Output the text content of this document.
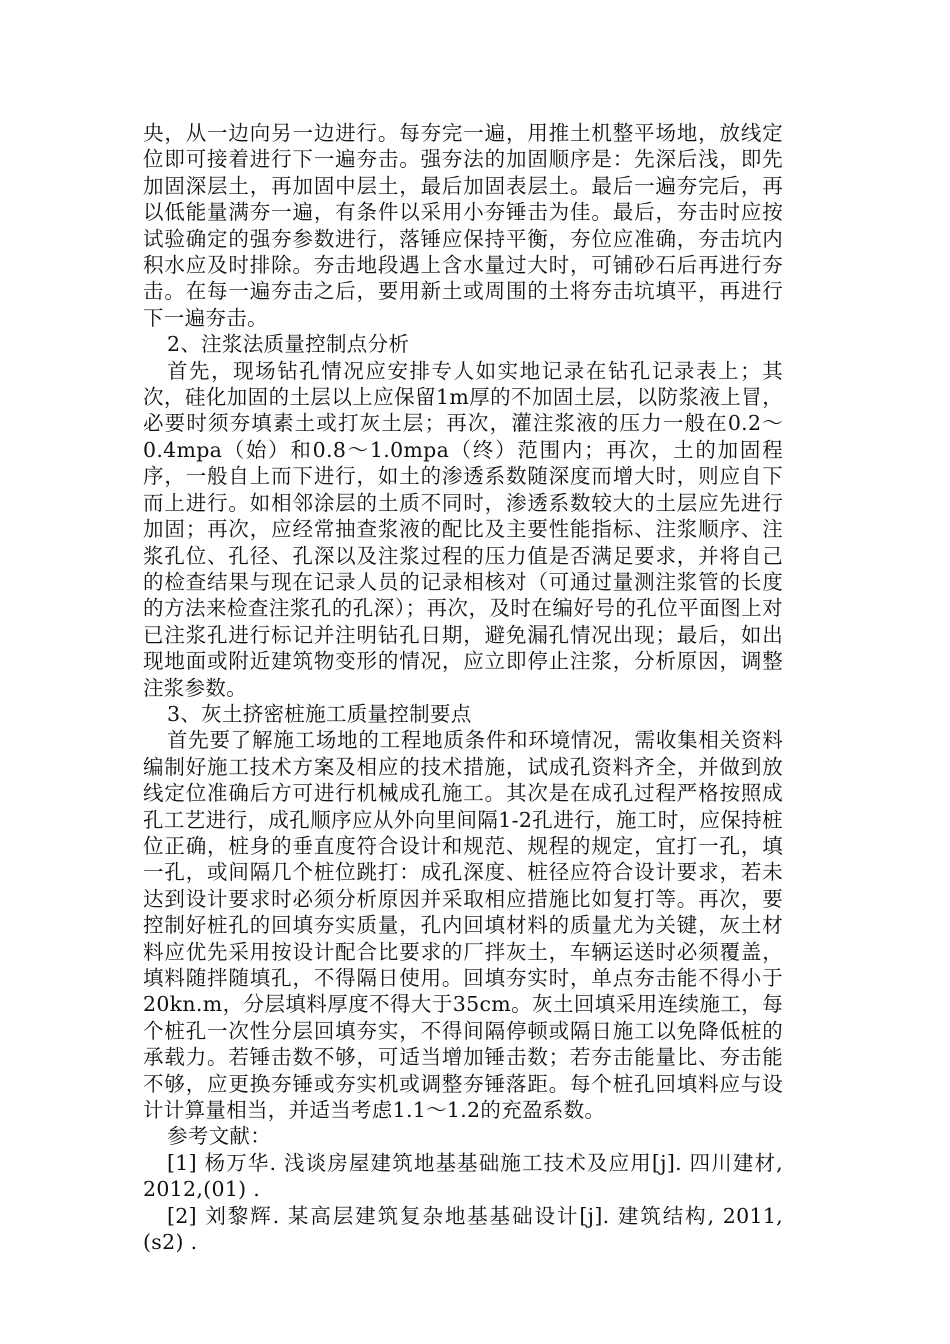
央，从一边向另一边进行。每夯完一遍，用推土机整平场地，放线定位即可接着进行下一遍夯击。强夯法的加固顺序是：先深后浅，即先加固深层土，再加固中层土，最后加固表层土。最后一遍夯完后，再以低能量满夯一遍，有条件以采用小夯锤击为佳。最后，夯击时应按试验确定的强夯参数进行，落锤应保持平衡，夯位应准确，夯击坑内积水应及时排除。夯击地段遇上含水量过大时，可铺砂石后再进行夯击。在每一遍夯击之后，要用新土或周围的土将夯击坑填平，再进行下一遍夯击。

2、注浆法质量控制点分析

首先，现场钻孔情况应安排专人如实地记录在钻孔记录表上；其次，硅化加固的土层以上应保留1m厚的不加固土层，以防浆液上冒，必要时须夯填素土或打灰土层；再次，灌注浆液的压力一般在0.2～0.4mpa（始）和0.8～1.0mpa（终）范围内；再次，土的加固程序，一般自上而下进行，如土的渗透系数随深度而增大时，则应自下而上进行。如相邻涂层的土质不同时，渗透系数较大的土层应先进行加固；再次，应经常抽查浆液的配比及主要性能指标、注浆顺序、注浆孔位、孔径、孔深以及注浆过程的压力值是否满足要求，并将自己的检查结果与现在记录人员的记录相核对（可通过量测注浆管的长度的方法来检查注浆孔的孔深）；再次，及时在编好号的孔位平面图上对已注浆孔进行标记并注明钻孔日期，避免漏孔情况出现；最后，如出现地面或附近建筑物变形的情况，应立即停止注浆，分析原因，调整注浆参数。

3、灰土挤密桩施工质量控制要点

首先要了解施工场地的工程地质条件和环境情况，需收集相关资料编制好施工技术方案及相应的技术措施，试成孔资料齐全，并做到放线定位准确后方可进行机械成孔施工。其次是在成孔过程严格按照成孔工艺进行，成孔顺序应从外向里间隔1-2孔进行，施工时，应保持桩位正确，桩身的垂直度符合设计和规范、规程的规定，宜打一孔，填一孔，或间隔几个桩位跳打：成孔深度、桩径应符合设计要求，若未达到设计要求时必须分析原因并采取相应措施比如复打等。再次，要控制好桩孔的回填夯实质量，孔内回填材料的质量尤为关键，灰土材料应优先采用按设计配合比要求的厂拌灰土，车辆运送时必须覆盖，填料随拌随填孔，不得隔日使用。回填夯实时，单点夯击能不得小于20kn.m，分层填料厚度不得大于35cm。灰土回填采用连续施工，每个桩孔一次性分层回填夯实，不得间隔停顿或隔日施工以免降低桩的承载力。若锤击数不够，可适当增加锤击数；若夯击能量比、夯击能不够，应更换夯锤或夯实机或调整夯锤落距。每个桩孔回填料应与设计计算量相当，并适当考虑1.1～1.2的充盈系数。

参考文献：

[1] 杨万华. 浅谈房屋建筑地基基础施工技术及应用[j]. 四川建材, 2012,(01) .

[2] 刘黎辉. 某高层建筑复杂地基基础设计[j]. 建筑结构, 2011,(s2) .
